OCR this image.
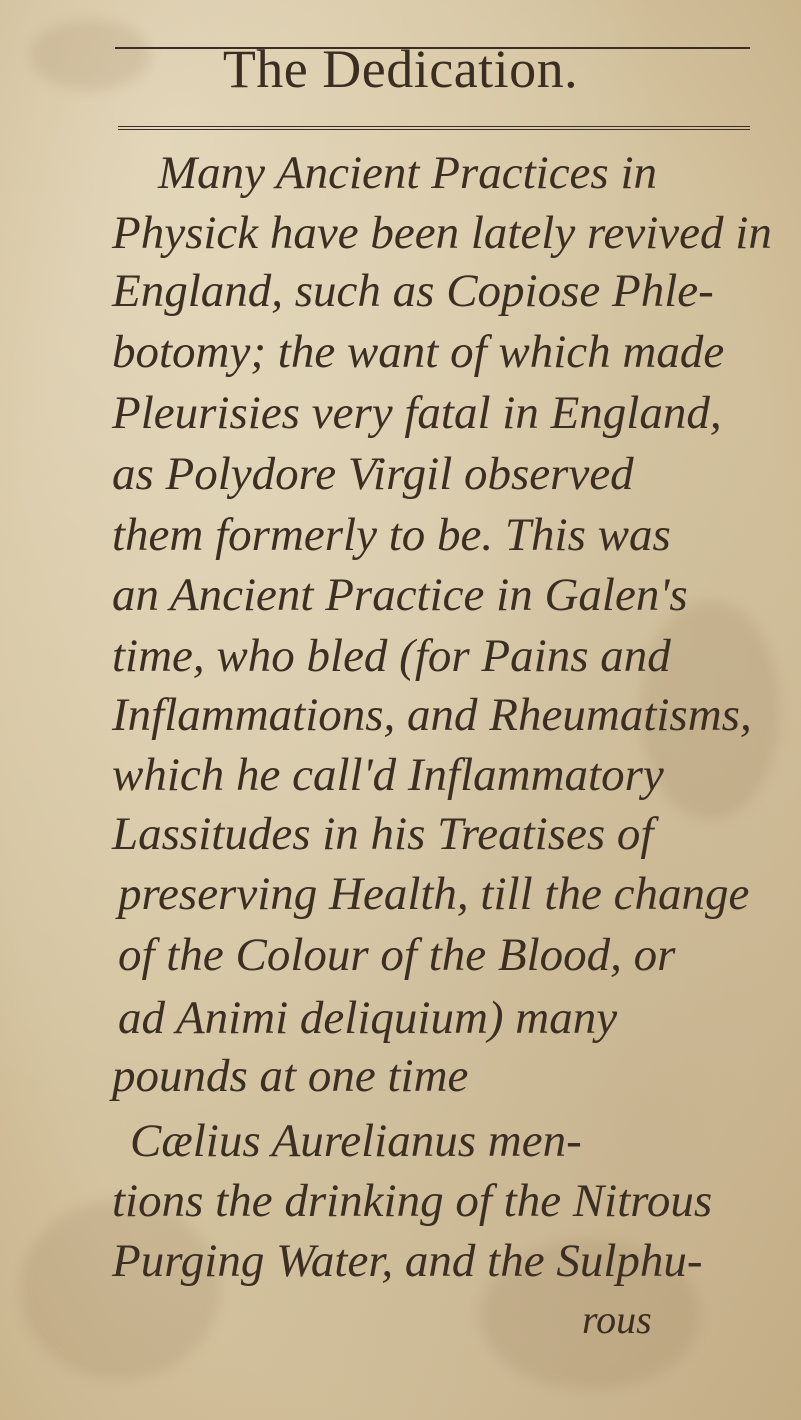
The Dedication.
Many Ancient Practices in
Physick have been lately revived in
England, such as Copiose Phle-
botomy; the want of which made
Pleurisies very fatal in England,
as Polydore Virgil observed
them formerly to be. This was
an Ancient Practice in Galen's
time, who bled (for Pains and
Inflammations, and Rheumatisms,
which he call'd Inflammatory
Lassitudes in his Treatises of
preserving Health, till the change
of the Colour of the Blood, or
ad Animi deliquium) many
pounds at one time
Cælius Aurelianus men-
tions the drinking of the Nitrous
Purging Water, and the Sulphu-
rous
